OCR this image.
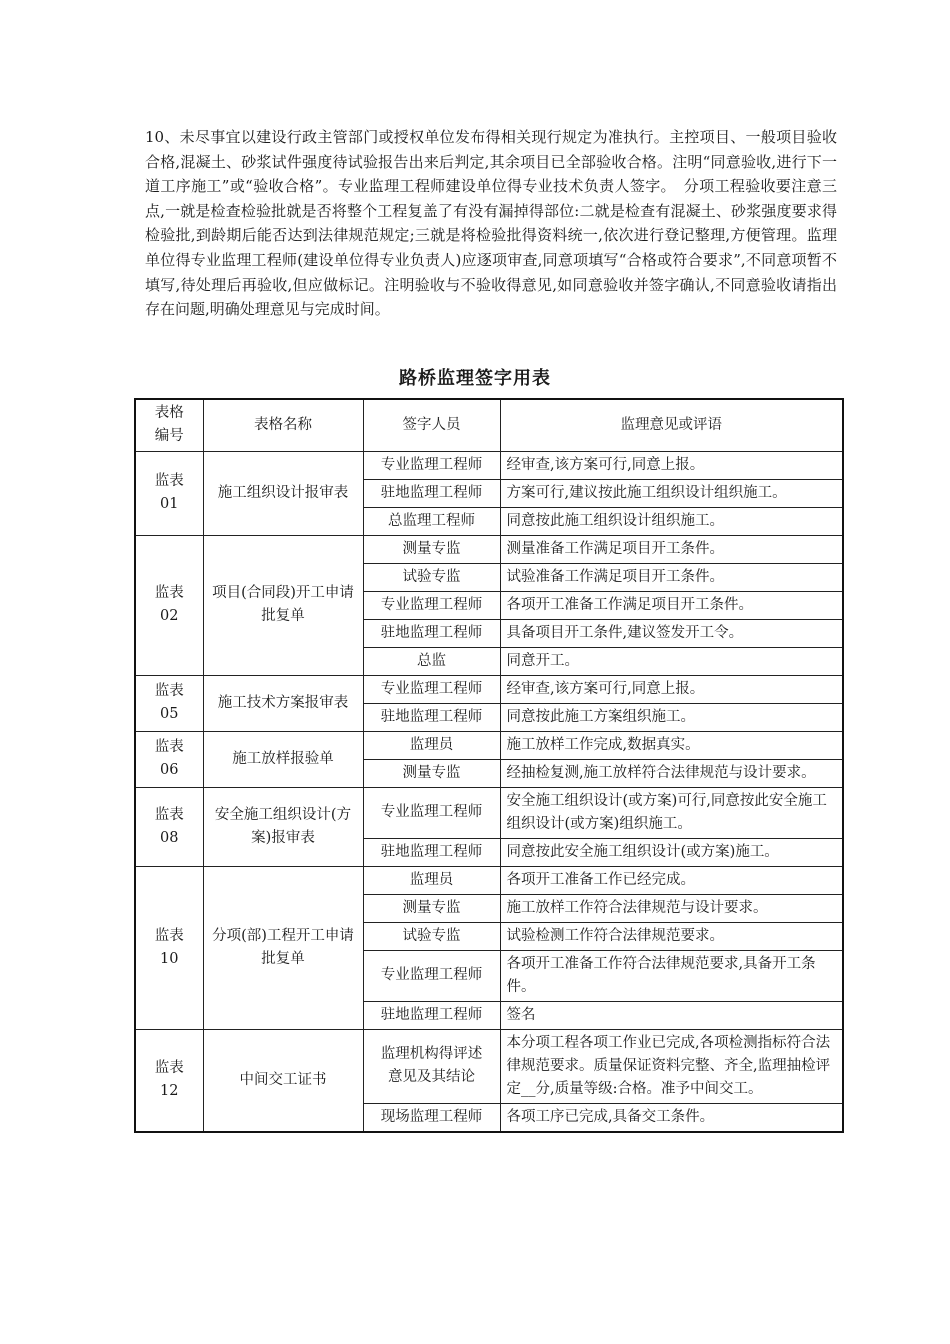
10、未尽事宜以建设行政主管部门或授权单位发布得相关现行规定为准执行。主控项目、一般项目验收合格,混凝土、砂浆试件强度待试验报告出来后判定,其余项目已全部验收合格。注明“同意验收,进行下一道工序施工”或“验收合格”。专业监理工程师建设单位得专业技术负责人签字。　分项工程验收要注意三点,一就是检查检验批就是否将整个工程复盖了有没有漏掉得部位:二就是检查有混凝土、砂浆强度要求得检验批,到龄期后能否达到法律规范规定;三就是将检验批得资料统一,依次进行登记整理,方便管理。监理单位得专业监理工程师(建设单位得专业负责人)应逐项审查,同意项填写“合格或符合要求”,不同意项暂不填写,待处理后再验收,但应做标记。注明验收与不验收得意见,如同意验收并签字确认,不同意验收请指出存在问题,明确处理意见与完成时间。
路桥监理签字用表
表格
编号	表格名称	签字人员	监理意见或评语

监表
01	施工组织设计报审表	专业监理工程师	经审查,该方案可行,同意上报。
		驻地监理工程师	方案可行,建议按此施工组织设计组织施工。
		总监理工程师	同意按此施工组织设计组织施工。

监表
02	项目(合同段)开工申请批复单	测量专监	测量准备工作满足项目开工条件。
		试验专监	试验准备工作满足项目开工条件。
		专业监理工程师	各项开工准备工作满足项目开工条件。
		驻地监理工程师	具备项目开工条件,建议签发开工令。
		总监	同意开工。

监表
05	施工技术方案报审表	专业监理工程师	经审查,该方案可行,同意上报。
		驻地监理工程师	同意按此施工方案组织施工。

监表
06	施工放样报验单	监理员	施工放样工作完成,数据真实。
		测量专监	经抽检复测,施工放样符合法律规范与设计要求。

监表
08	安全施工组织设计(方案)报审表	专业监理工程师	安全施工组织设计(或方案)可行,同意按此安全施工组织设计(或方案)组织施工。
		驻地监理工程师	同意按此安全施工组织设计(或方案)施工。

监表
10	分项(部)工程开工申请批复单	监理员	各项开工准备工作已经完成。
		测量专监	施工放样工作符合法律规范与设计要求。
		试验专监	试验检测工作符合法律规范要求。
		专业监理工程师	各项开工准备工作符合法律规范要求,具备开工条件。
		驻地监理工程师	签名

监表
12	中间交工证书	监理机构得评述意见及其结论	本分项工程各项工作业已完成,各项检测指标符合法律规范要求。质量保证资料完整、齐全,监理抽检评定__分,质量等级:合格。准予中间交工。
		现场监理工程师	各项工序已完成,具备交工条件。
